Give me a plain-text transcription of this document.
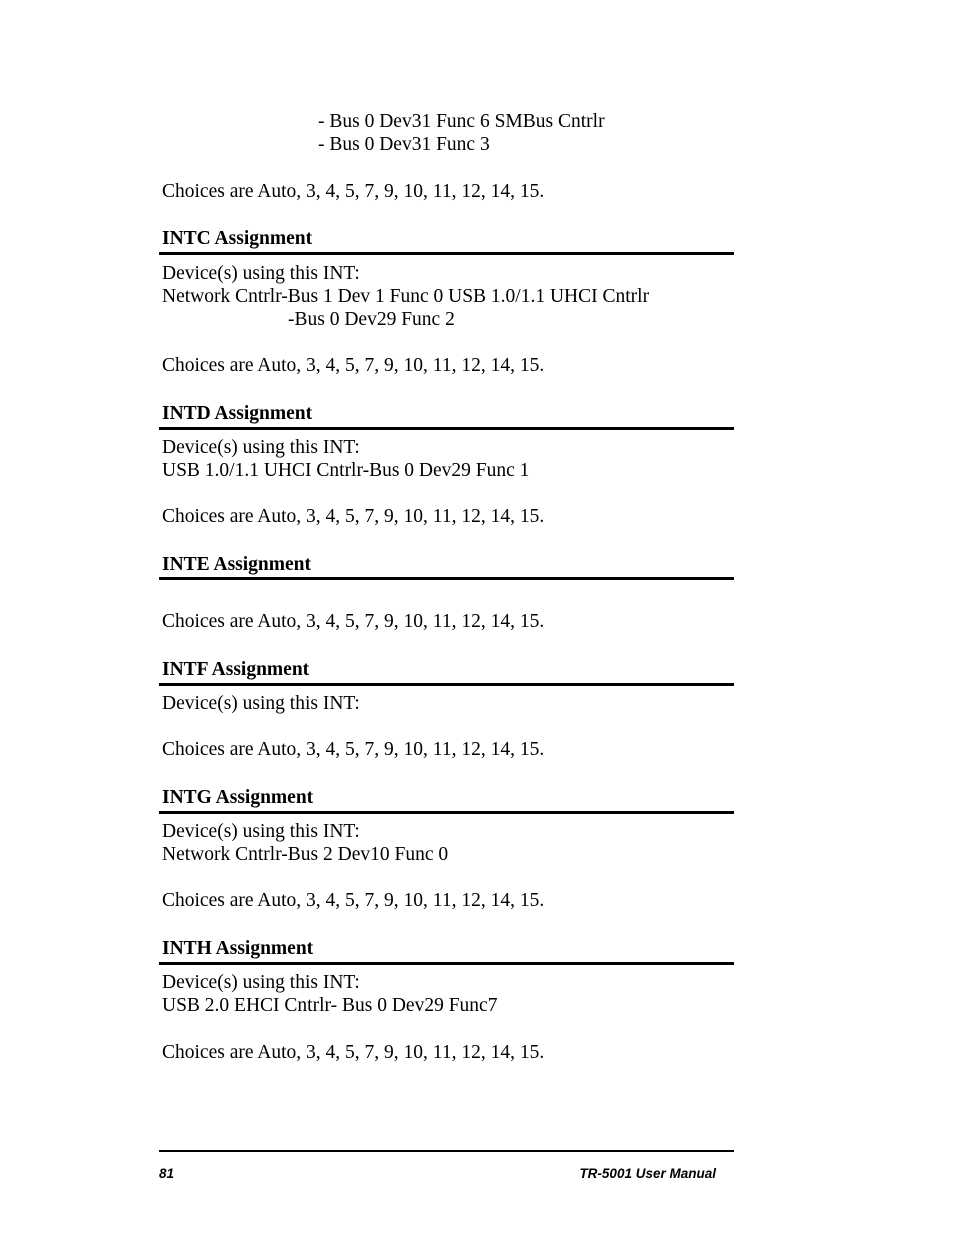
- Bus 0 Dev31 Func 6 SMBus Cntrlr
- Bus 0 Dev31 Func 3
Choices are Auto, 3, 4, 5, 7, 9, 10, 11, 12, 14, 15.
INTC Assignment
Device(s) using this INT:
Network Cntrlr-Bus 1 Dev 1 Func 0 USB 1.0/1.1 UHCI Cntrlr
-Bus 0 Dev29 Func 2
Choices are Auto, 3, 4, 5, 7, 9, 10, 11, 12, 14, 15.
INTD Assignment
Device(s) using this INT:
USB 1.0/1.1 UHCI Cntrlr-Bus 0 Dev29 Func 1
Choices are Auto, 3, 4, 5, 7, 9, 10, 11, 12, 14, 15.
INTE Assignment
Choices are Auto, 3, 4, 5, 7, 9, 10, 11, 12, 14, 15.
INTF Assignment
Device(s) using this INT:
Choices are Auto, 3, 4, 5, 7, 9, 10, 11, 12, 14, 15.
INTG Assignment
Device(s) using this INT:
Network Cntrlr-Bus 2 Dev10 Func 0
Choices are Auto, 3, 4, 5, 7, 9, 10, 11, 12, 14, 15.
INTH Assignment
Device(s) using this INT:
USB 2.0 EHCI Cntrlr- Bus 0 Dev29 Func7
Choices are Auto, 3, 4, 5, 7, 9, 10, 11, 12, 14, 15.
81	TR-5001 User Manual
